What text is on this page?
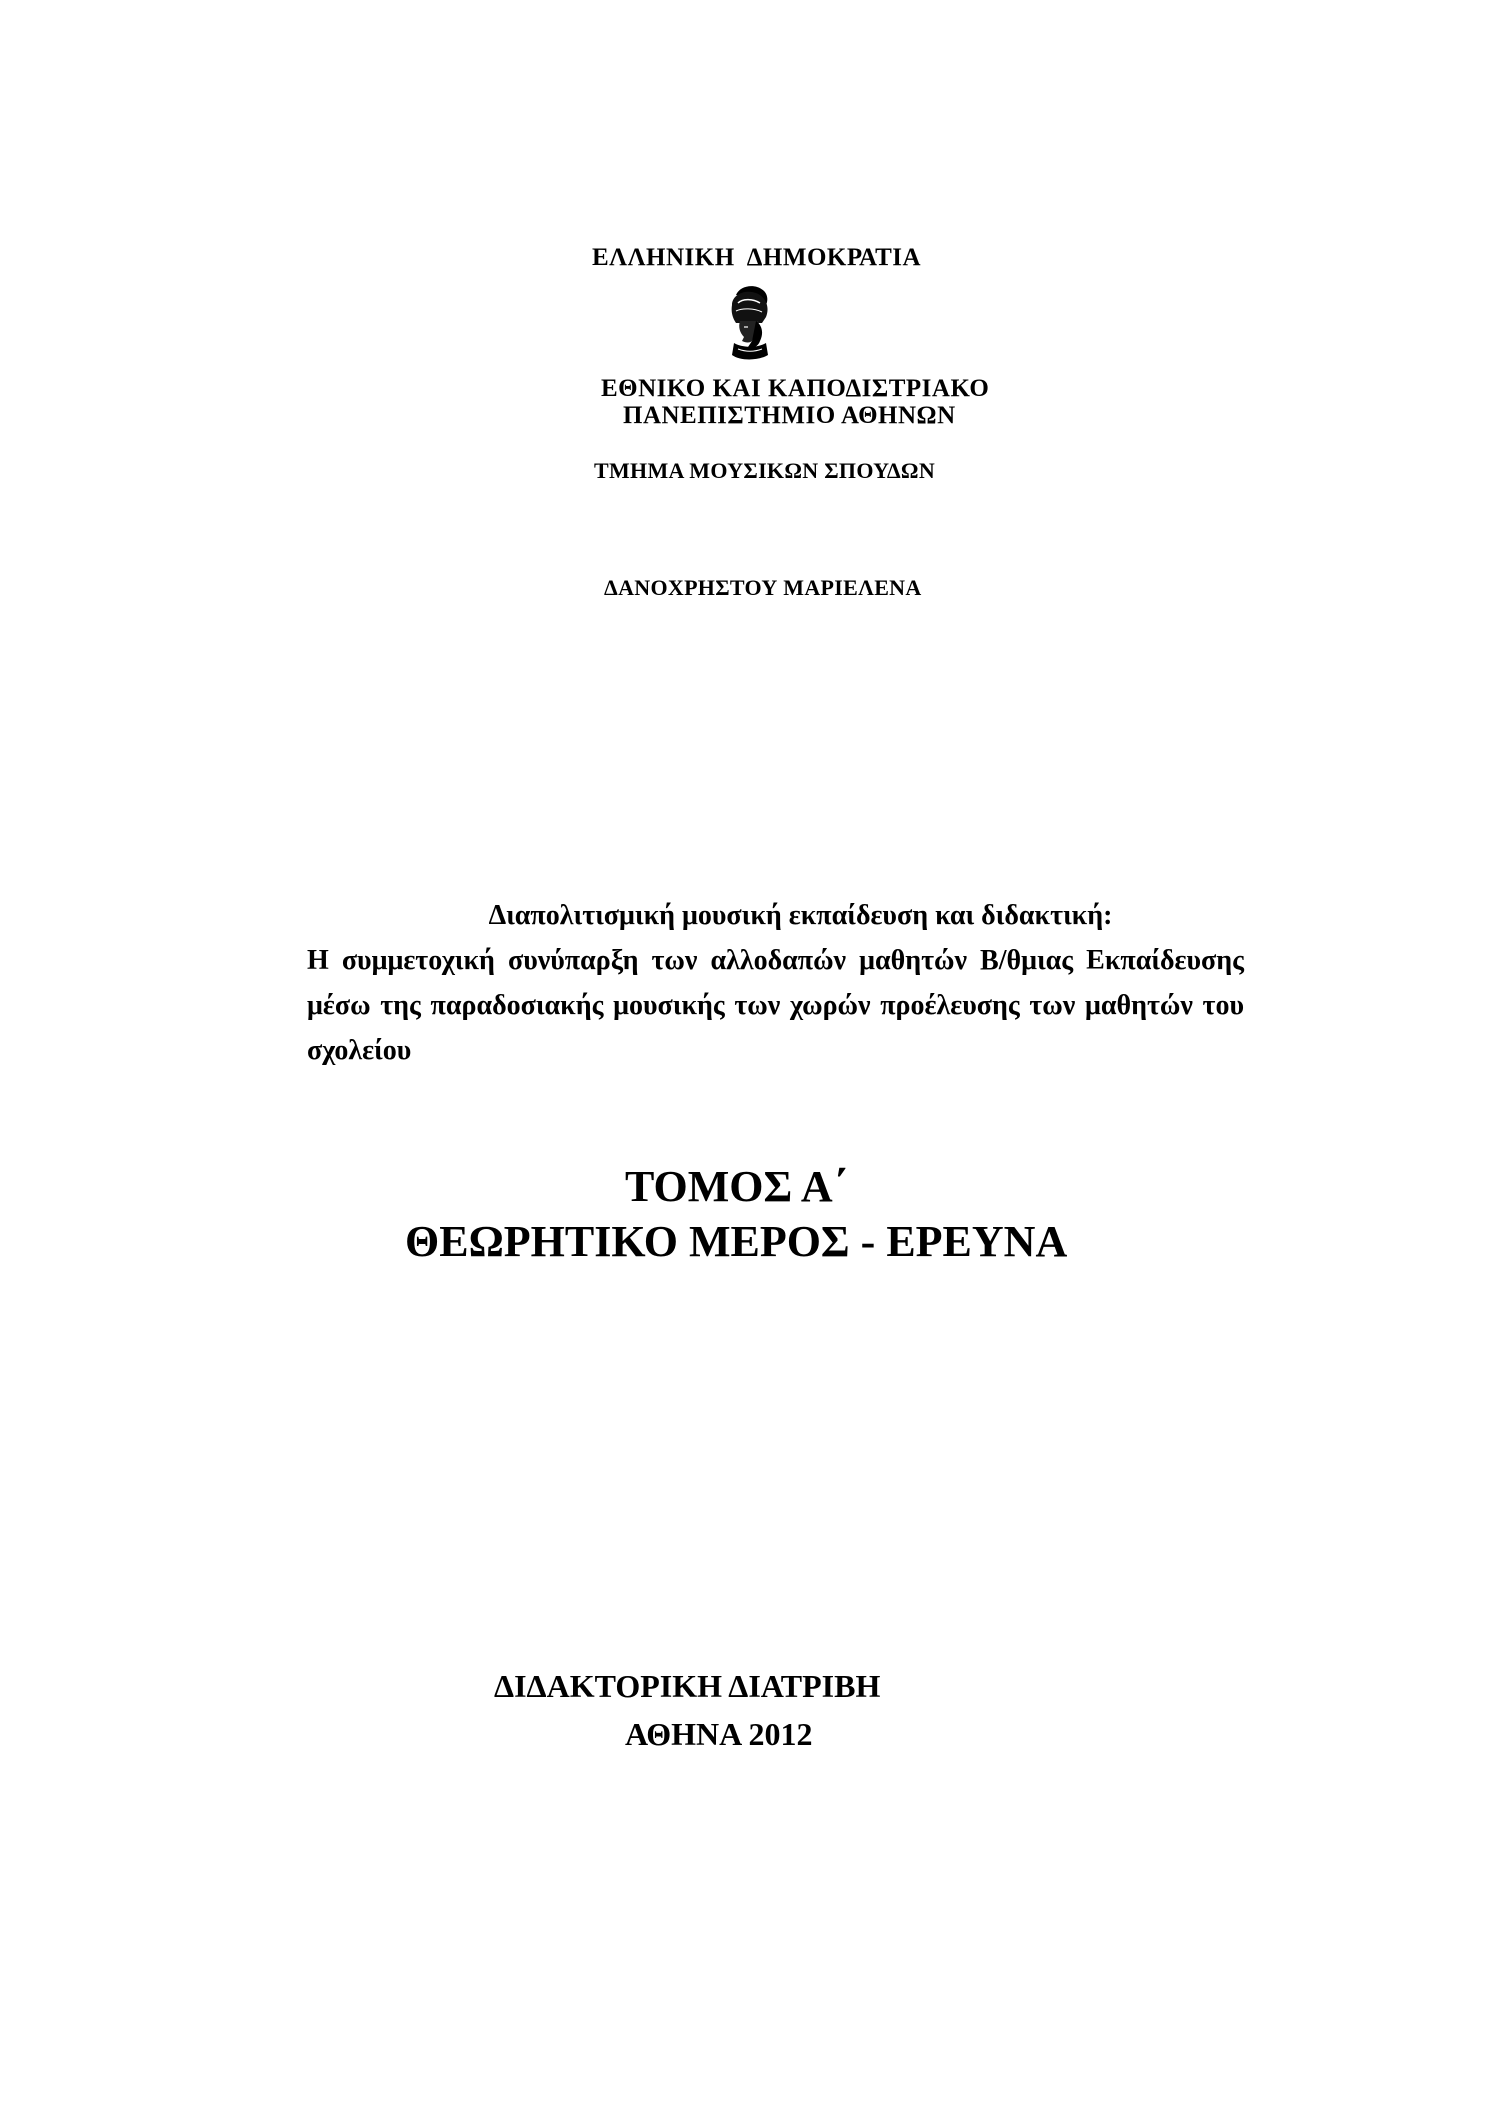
ΕΛΛΗΝΙΚΗ  ΔΗΜΟΚΡΑΤΙΑ
ΕΘΝΙΚΟ ΚΑΙ ΚΑΠΟΔΙΣΤΡΙΑΚΟ
ΠΑΝΕΠΙΣΤΗΜΙΟ ΑΘΗΝΩΝ
ΤΜΗΜΑ ΜΟΥΣΙΚΩΝ ΣΠΟΥΔΩΝ
ΔΑΝΟΧΡΗΣΤΟΥ ΜΑΡΙΕΛΕΝΑ
Διαπολιτισμική μουσική εκπαίδευση και διδακτική:
Η συμμετοχική συνύπαρξη των αλλοδαπών μαθητών Β/θμιας Εκπαίδευσης μέσω της παραδοσιακής μουσικής των χωρών προέλευσης των μαθητών του σχολείου
ΤΟΜΟΣ Α΄
ΘΕΩΡΗΤΙΚΟ ΜΕΡΟΣ - ΕΡΕΥΝΑ
ΔΙΔΑΚΤΟΡΙΚΗ ΔΙΑΤΡΙΒΗ
ΑΘΗΝΑ 2012
